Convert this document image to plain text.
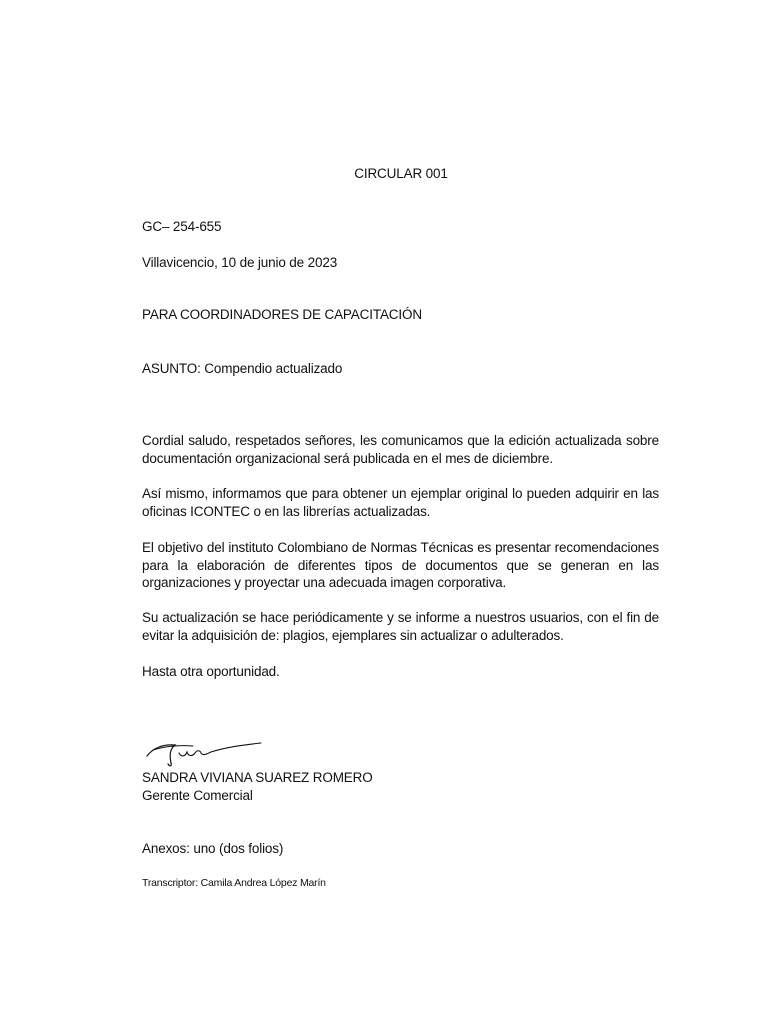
CIRCULAR 001
GC– 254-655
Villavicencio, 10 de junio de 2023
PARA COORDINADORES DE CAPACITACIÓN
ASUNTO: Compendio actualizado
Cordial saludo, respetados señores, les comunicamos que la edición actualizada sobre documentación organizacional será publicada en el mes de diciembre.
Así mismo, informamos que para obtener un ejemplar original lo pueden adquirir en las oficinas ICONTEC o en las librerías actualizadas.
El objetivo del instituto Colombiano de Normas Técnicas es presentar recomendaciones para la elaboración de diferentes tipos de documentos que se generan en las organizaciones y proyectar una adecuada imagen corporativa.
Su actualización se hace periódicamente y se informe a nuestros usuarios, con el fin de evitar la adquisición de: plagios, ejemplares sin actualizar o adulterados.
Hasta otra oportunidad.
SANDRA VIVIANA SUAREZ ROMERO
Gerente Comercial
Anexos: uno (dos folios)
Transcriptor: Camila Andrea López Marín
